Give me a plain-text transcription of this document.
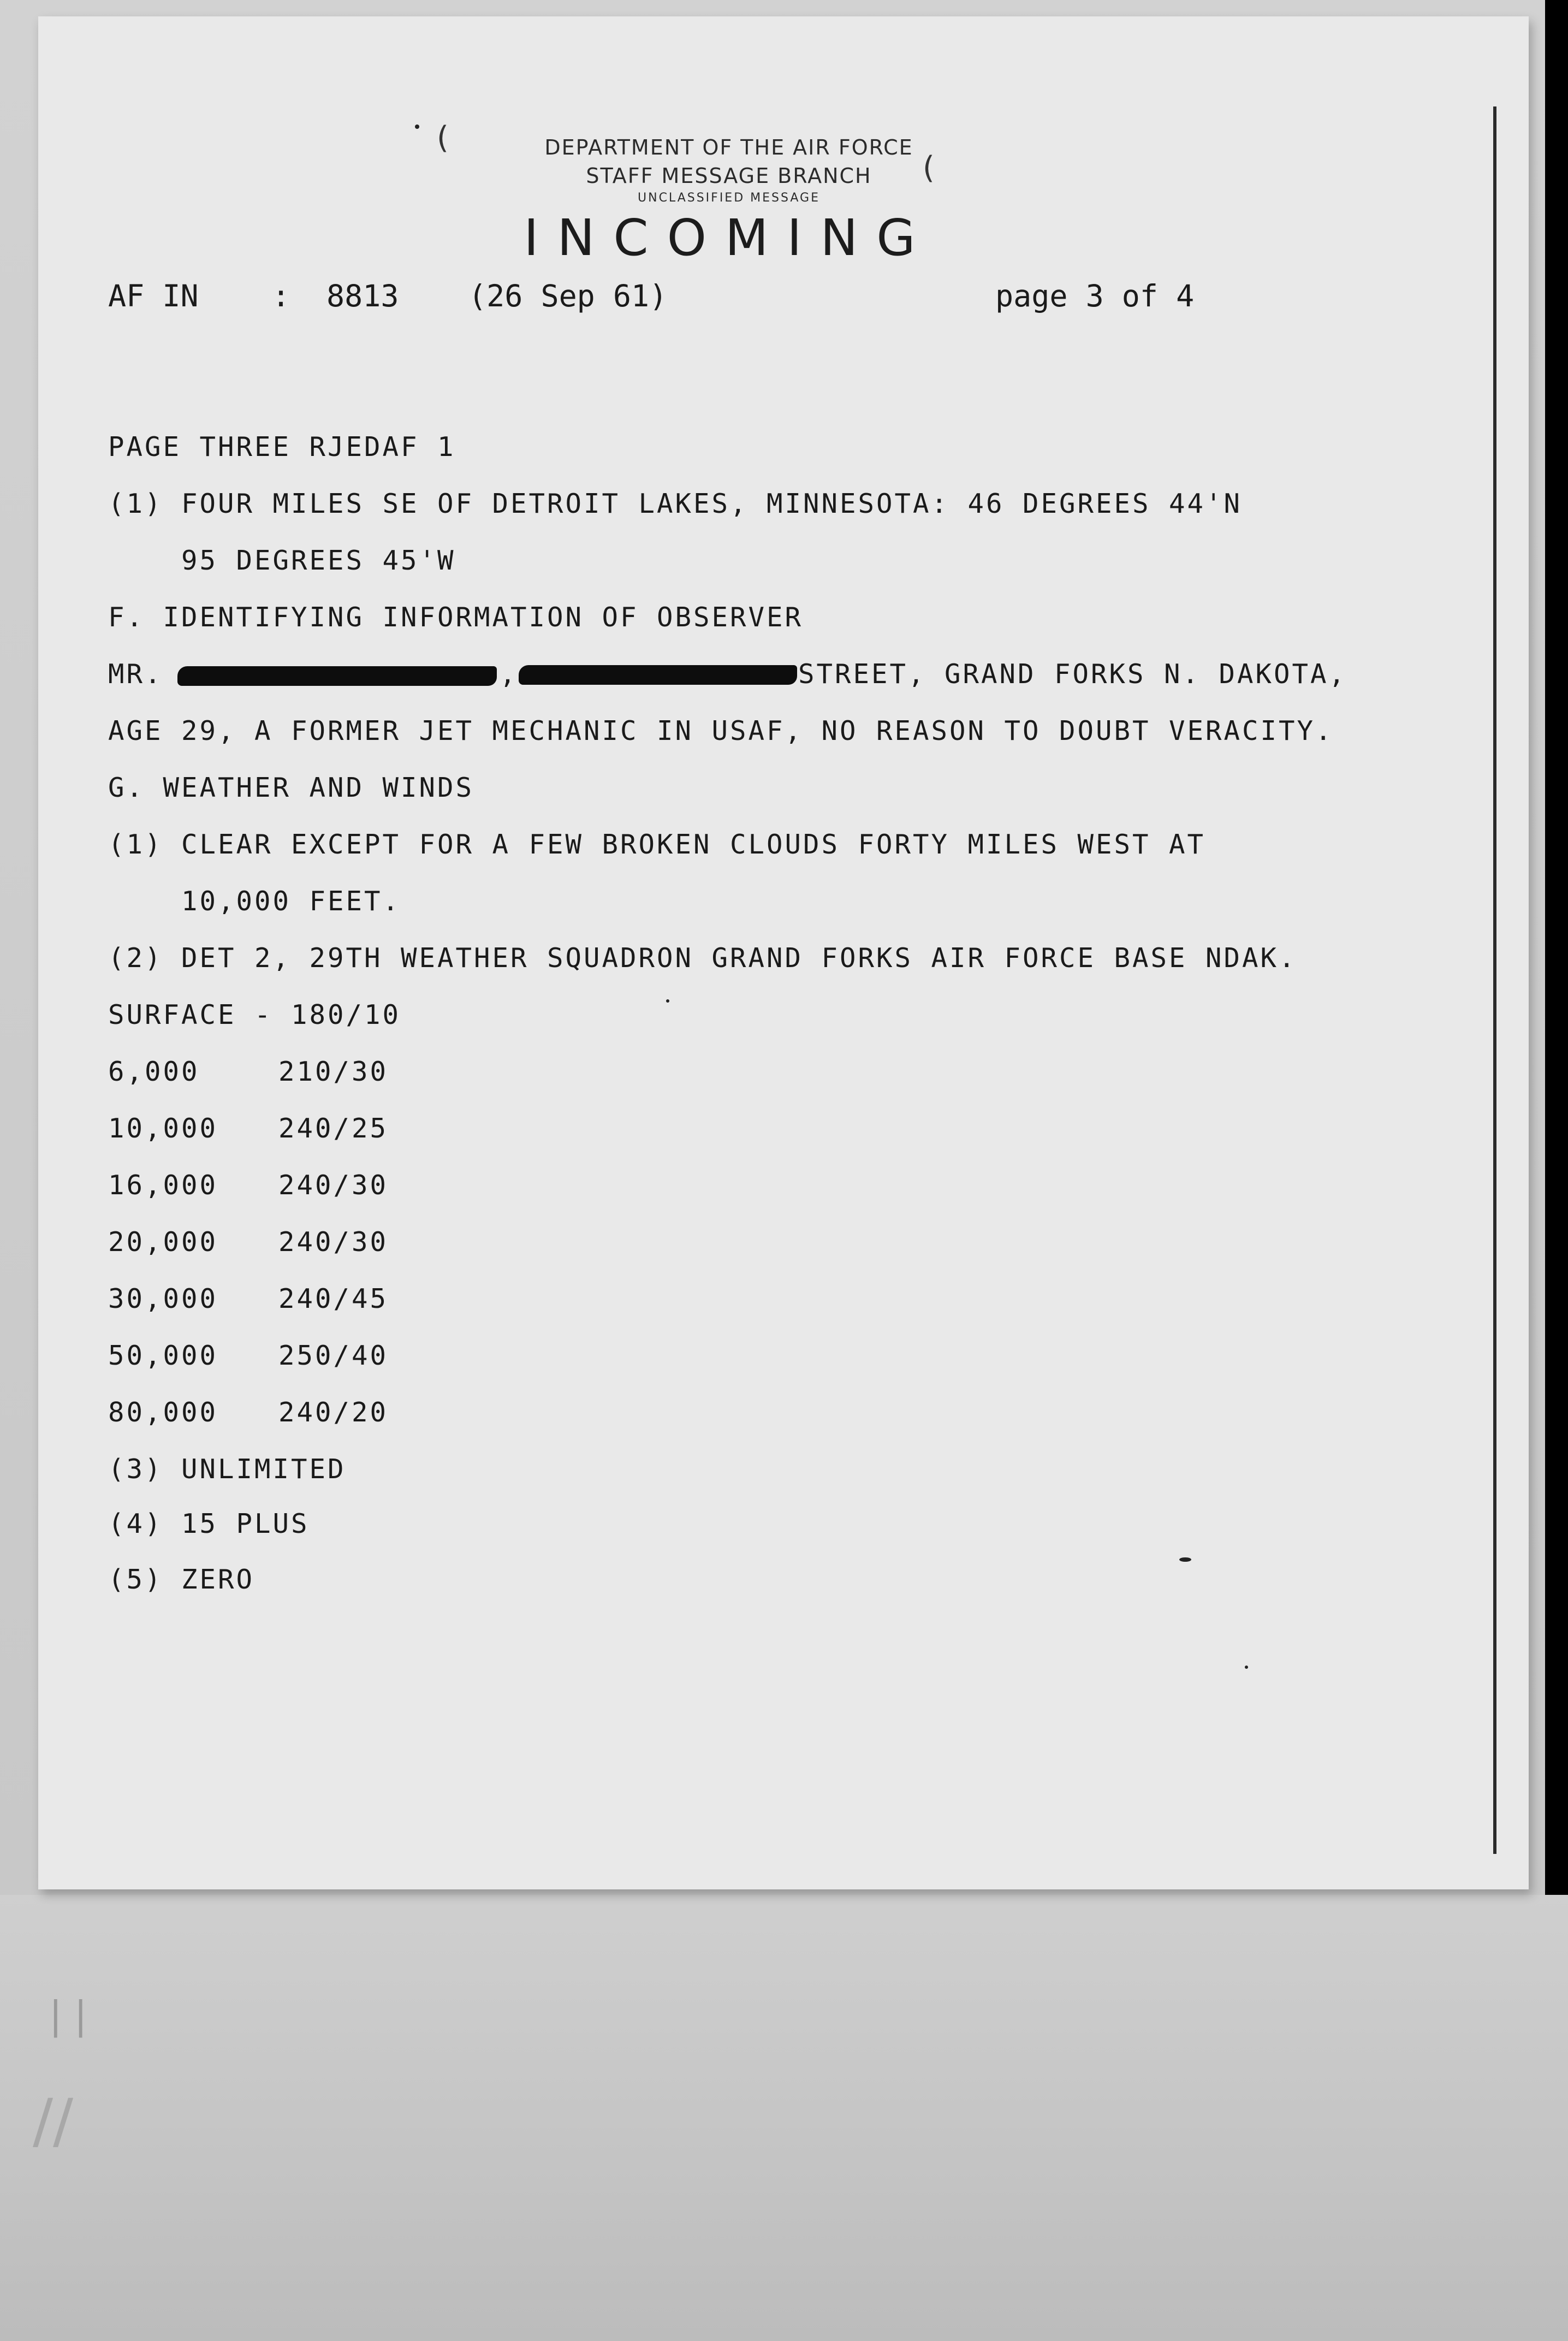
| |
//
(
(
DEPARTMENT OF THE AIR FORCE
STAFF MESSAGE BRANCH
UNCLASSIFIED MESSAGE
INCOMING
AF IN : 8813 (26 Sep 61)	page 3 of 4
PAGE THREE RJEDAF 1
(1) FOUR MILES SE OF DETROIT LAKES, MINNESOTA: 46 DEGREES 44'N
95 DEGREES 45'W
F. IDENTIFYING INFORMATION OF OBSERVER
MR.	,	STREET, GRAND FORKS N. DAKOTA,
AGE 29, A FORMER JET MECHANIC IN USAF, NO REASON TO DOUBT VERACITY.
G. WEATHER AND WINDS
(1) CLEAR EXCEPT FOR A FEW BROKEN CLOUDS FORTY MILES WEST AT
10,000 FEET.
(2) DET 2, 29TH WEATHER SQUADRON GRAND FORKS AIR FORCE BASE NDAK.
SURFACE - 180/10
6,000	210/30
10,000 240/25
16,000 240/30
20,000 240/30
30,000 240/45
50,000 250/40
80,000 240/20
(3) UNLIMITED
(4) 15 PLUS
(5) ZERO
